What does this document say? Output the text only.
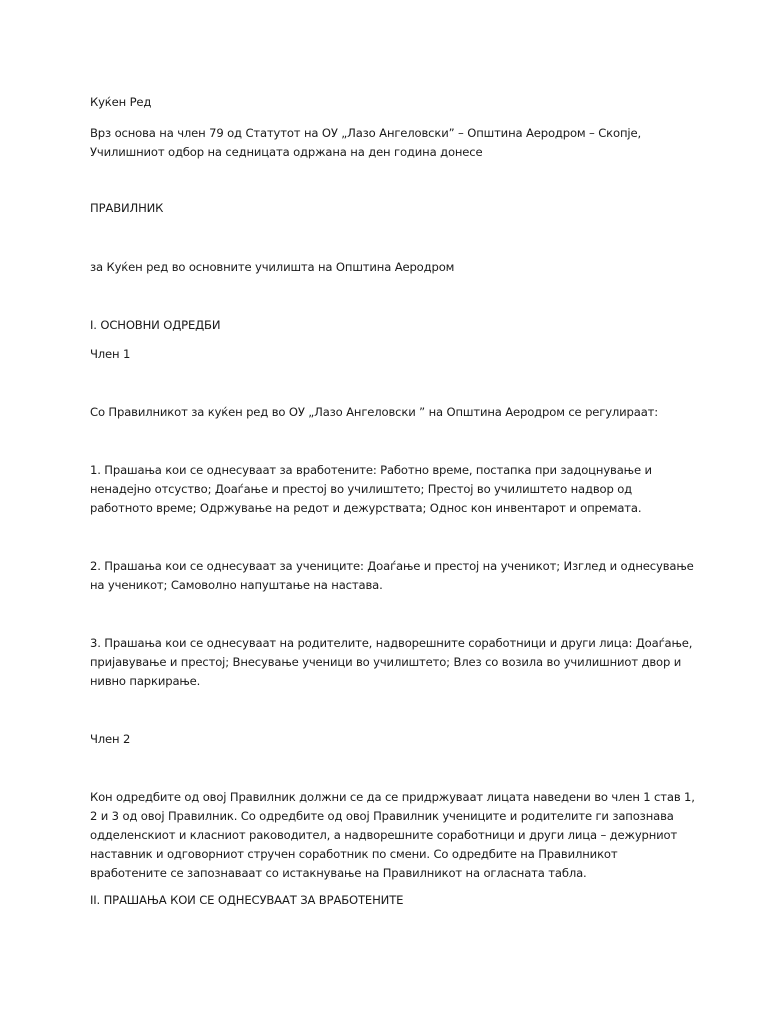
Куќен Ред

Врз основа на член 79 од Статутот на ОУ „Лазо Ангеловски” – Општина Аеродром – Скопје,

Училишниот одбор на седницата одржана на ден година донесе

ПРАВИЛНИК

за Куќен ред во основните училишта на Општина Аеродром

I. ОСНОВНИ ОДРЕДБИ

Член 1

Со Правилникот за куќен ред во ОУ „Лазо Ангеловски ” на Општина Аеродром се регулираат:

1. Прашања кои се однесуваат за вработените: Работно време, постапка при задоцнување и

ненадејно отсуство; Доаѓање и престој во училиштето; Престој во училиштето надвор од

работното време; Одржување на редот и дежурствата; Однос кон инвентарот и опремата.

2. Прашања кои се однесуваат за учениците: Доаѓање и престој на ученикот; Изглед и однесување

на ученикот; Самоволно напуштање на настава.

3. Прашања кои се однесуваат на родителите, надворешните соработници и други лица: Доаѓање,

пријавување и престој; Внесување ученици во училиштето; Влез со возила во училишниот двор и

нивно паркирање.

Член 2

Кон одредбите од овој Правилник должни се да се придржуваат лицата наведени во член 1 став 1,

2 и 3 од овој Правилник. Со одредбите од овој Правилник учениците и родителите ги запознава

одделенскиот и класниот раководител, а надворешните соработници и други лица – дежурниот

наставник и одговорниот стручен соработник по смени. Со одредбите на Правилникот

вработените се запознаваат со истакнување на Правилникот на огласната табла.

II. ПРАШАЊА КОИ СЕ ОДНЕСУВААТ ЗА ВРАБОТЕНИТЕ
